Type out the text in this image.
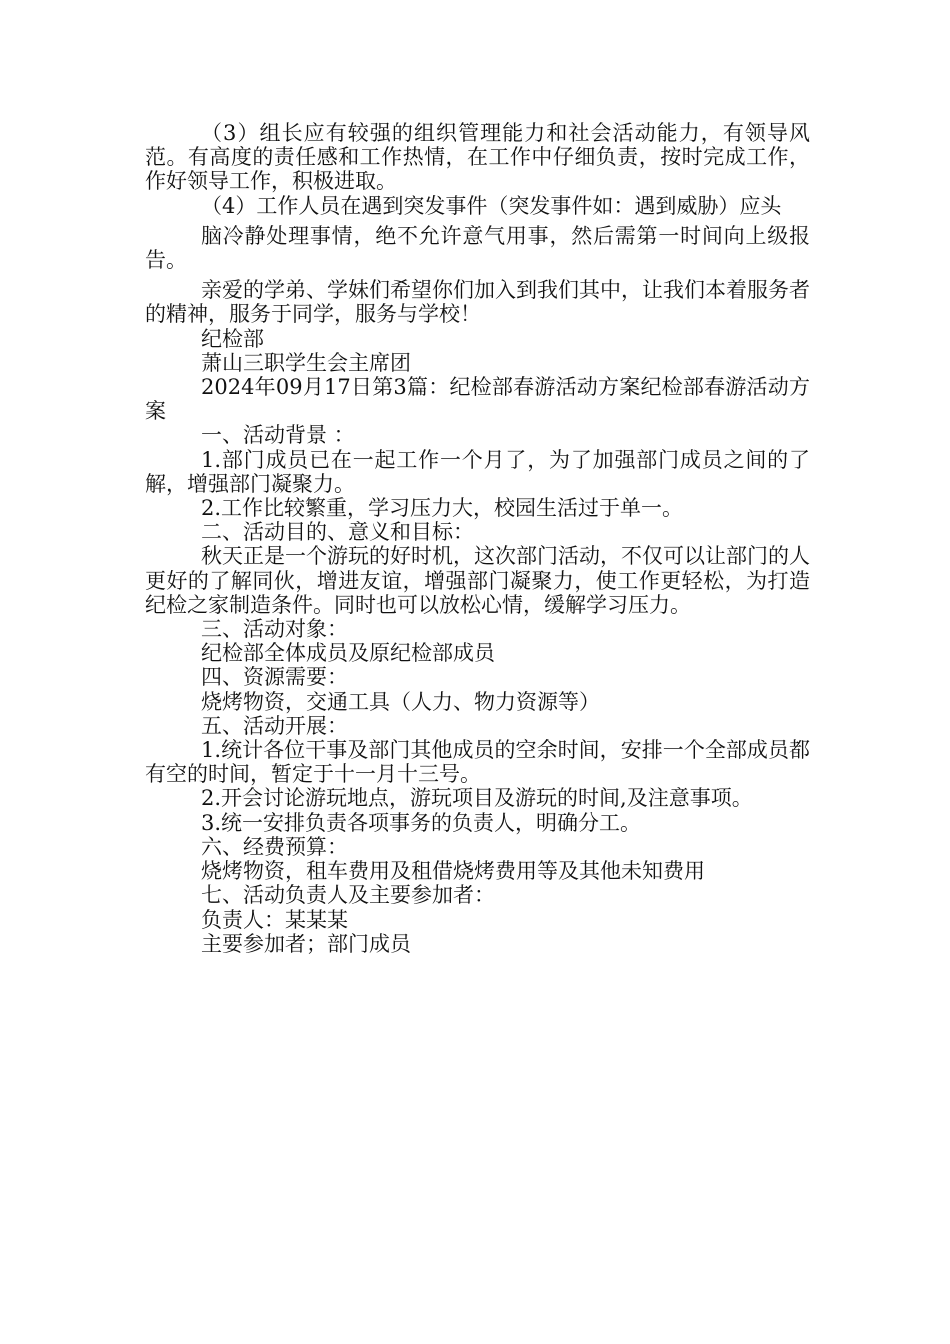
（3）组长应有较强的组织管理能力和社会活动能力，有领导风范。有高度的责任感和工作热情，在工作中仔细负责，按时完成工作，作好领导工作，积极进取。

（4）工作人员在遇到突发事件（突发事件如：遇到威胁）应头

脑冷静处理事情，绝不允许意气用事，然后需第一时间向上级报告。

亲爱的学弟、学妹们希望你们加入到我们其中，让我们本着服务者的精神，服务于同学，服务与学校！

纪检部

萧山三职学生会主席团

2024年09月17日第3篇：纪检部春游活动方案纪检部春游活动方案

一、活动背景 ：

1.部门成员已在一起工作一个月了，为了加强部门成员之间的了解，增强部门凝聚力。

2.工作比较繁重，学习压力大，校园生活过于单一。

二、活动目的、意义和目标：

秋天正是一个游玩的好时机，这次部门活动，不仅可以让部门的人更好的了解同伙，增进友谊，增强部门凝聚力，使工作更轻松，为打造纪检之家制造条件。同时也可以放松心情，缓解学习压力。

三、活动对象：

纪检部全体成员及原纪检部成员

四、资源需要：

烧烤物资，交通工具（人力、物力资源等）

五、活动开展：

1.统计各位干事及部门其他成员的空余时间，安排一个全部成员都有空的时间，暂定于十一月十三号。

2.开会讨论游玩地点，游玩项目及游玩的时间,及注意事项。

3.统一安排负责各项事务的负责人，明确分工。

六、经费预算：

烧烤物资，租车费用及租借烧烤费用等及其他未知费用

七、活动负责人及主要参加者：

负责人：某某某

主要参加者；部门成员
